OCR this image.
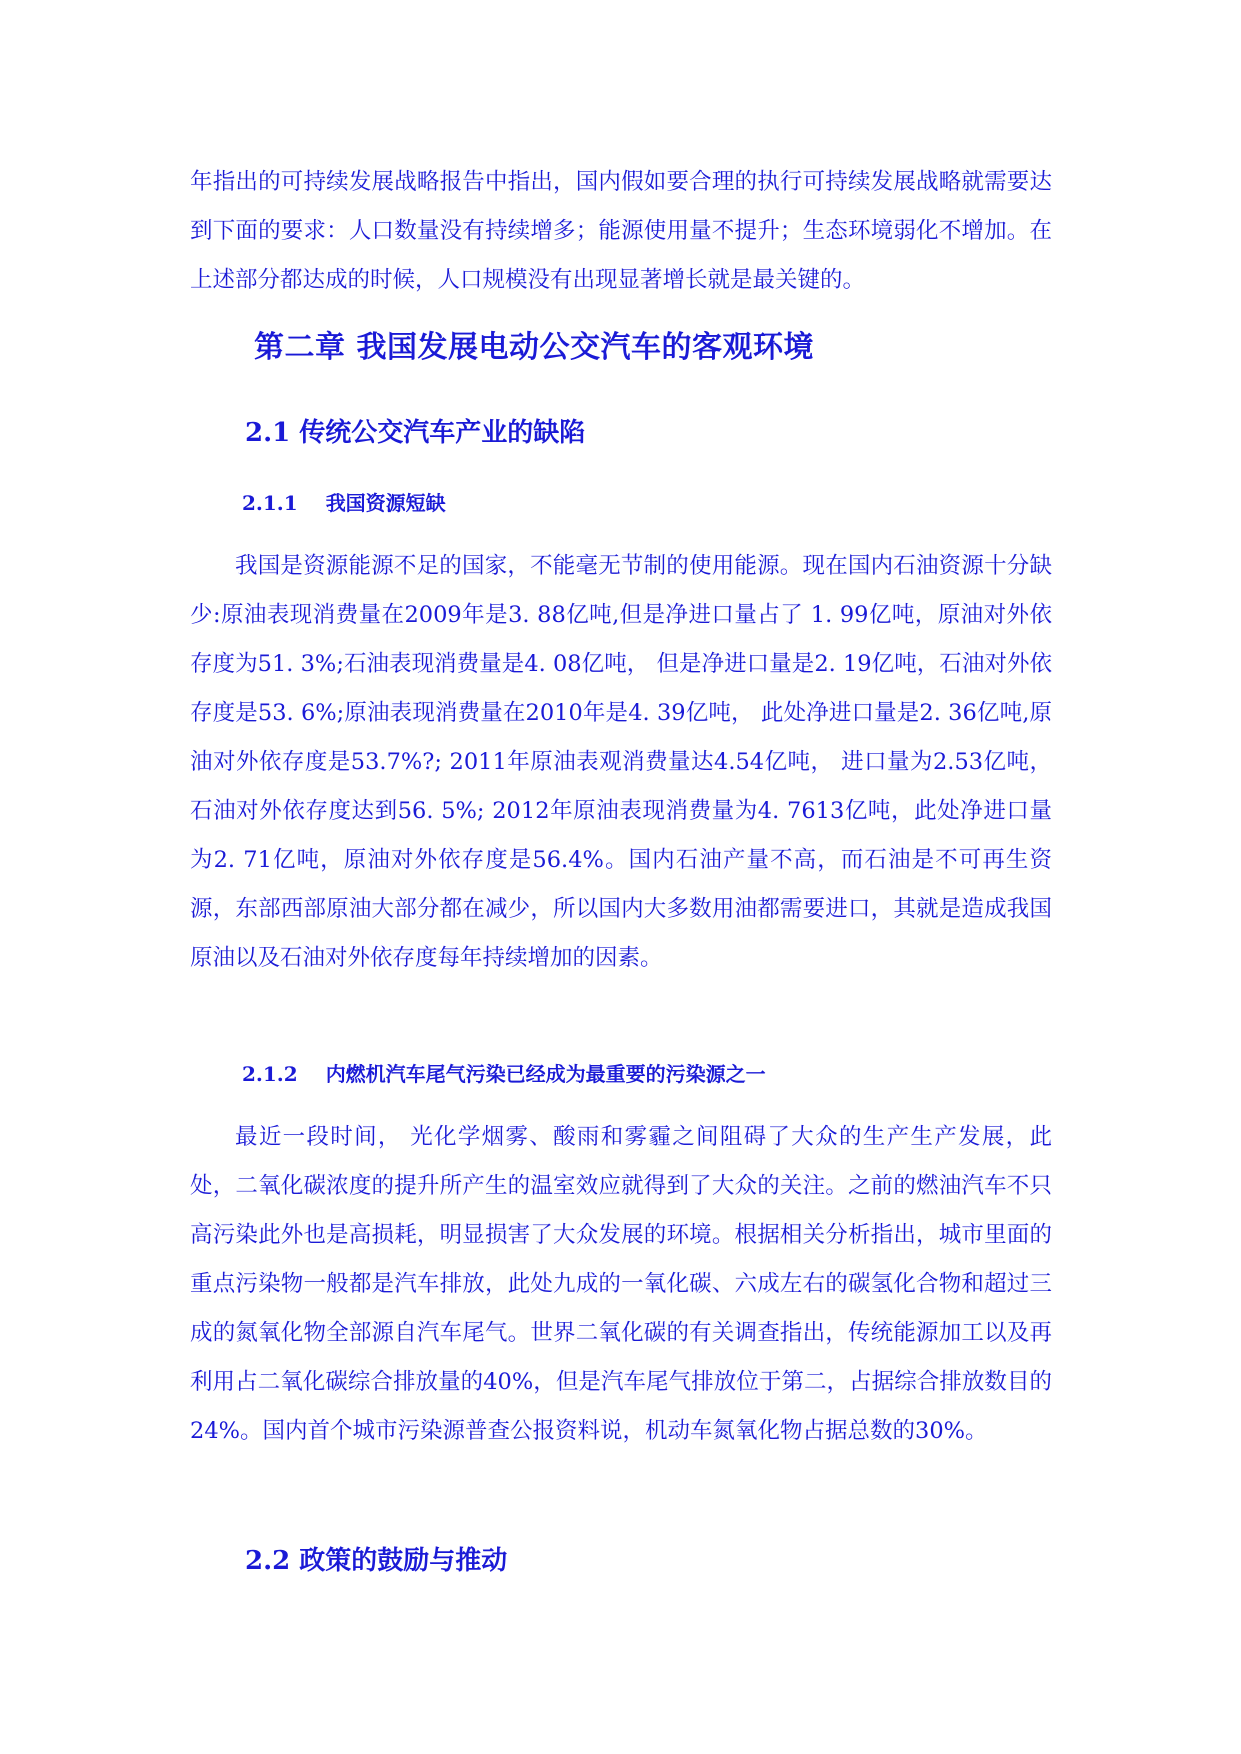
年指出的可持续发展战略报告中指出，国内假如要合理的执行可持续发展战略就需要达到下面的要求：人口数量没有持续增多；能源使用量不提升；生态环境弱化不增加。在上述部分都达成的时候，人口规模没有出现显著增长就是最关键的。

第二章 我国发展电动公交汽车的客观环境
2.1 传统公交汽车产业的缺陷
2.1.1 我国资源短缺

我国是资源能源不足的国家，不能毫无节制的使用能源。现在国内石油资源十分缺少:原油表现消费量在2009年是3. 88亿吨,但是净进口量占了 1. 99亿吨，原油对外依存度为51. 3%;石油表现消费量是4. 08亿吨， 但是净进口量是2. 19亿吨，石油对外依存度是53. 6%;原油表现消费量在2010年是4. 39亿吨， 此处净进口量是2. 36亿吨,原油对外依存度是53.7%?; 2011年原油表观消费量达4.54亿吨， 进口量为2.53亿吨， 石油对外依存度达到56. 5%; 2012年原油表现消费量为4. 7613亿吨，此处净进口量为2. 71亿吨，原油对外依存度是56.4%。国内石油产量不高，而石油是不可再生资源，东部西部原油大部分都在减少，所以国内大多数用油都需要进口，其就是造成我国原油以及石油对外依存度每年持续增加的因素。

2.1.2 内燃机汽车尾气污染已经成为最重要的污染源之一

最近一段时间， 光化学烟雾、酸雨和雾霾之间阻碍了大众的生产生产发展，此处，二氧化碳浓度的提升所产生的温室效应就得到了大众的关注。之前的燃油汽车不只高污染此外也是高损耗，明显损害了大众发展的环境。根据相关分析指出，城市里面的重点污染物一般都是汽车排放，此处九成的一氧化碳、六成左右的碳氢化合物和超过三成的氮氧化物全部源自汽车尾气。世界二氧化碳的有关调查指出，传统能源加工以及再利用占二氧化碳综合排放量的40%，但是汽车尾气排放位于第二，占据综合排放数目的24%。国内首个城市污染源普查公报资料说，机动车氮氧化物占据总数的30%。

2.2 政策的鼓励与推动
